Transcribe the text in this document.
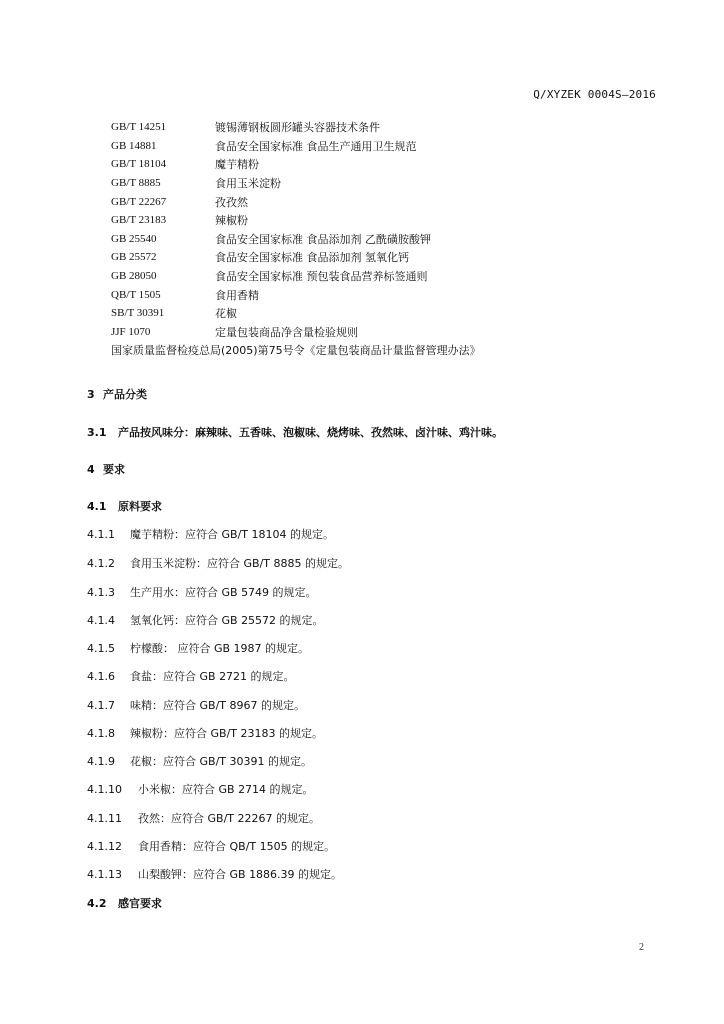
Q/XYZEK 0004S—2016
GB/T 14251	镀锡薄钢板圆形罐头容器技术条件
GB 14881	食品安全国家标准 食品生产通用卫生规范
GB/T 18104	魔芋精粉
GB/T 8885	食用玉米淀粉
GB/T 22267	孜孜然
GB/T 23183	辣椒粉
GB 25540	食品安全国家标准 食品添加剂 乙酰磺胺酸钾
GB 25572	食品安全国家标准 食品添加剂 氢氧化钙
GB 28050	食品安全国家标准 预包装食品营养标签通则
QB/T 1505	食用香精
SB/T 30391	花椒
JJF 1070	定量包装商品净含量检验规则
国家质量监督检疫总局(2005)第75号令《定量包装商品计量监督管理办法》
3 产品分类
3.1	产品按风味分：麻辣味、五香味、泡椒味、烧烤味、孜然味、卤汁味、鸡汁味。
4 要求
4.1	原料要求
4.1.1	魔芋精粉：应符合 GB/T 18104 的规定。
4.1.2	食用玉米淀粉：应符合 GB/T 8885 的规定。
4.1.3	生产用水：应符合 GB 5749 的规定。
4.1.4	氢氧化钙：应符合 GB 25572 的规定。
4.1.5	柠檬酸： 应符合 GB 1987 的规定。
4.1.6	食盐：应符合 GB 2721 的规定。
4.1.7	味精：应符合 GB/T 8967 的规定。
4.1.8	辣椒粉：应符合 GB/T 23183 的规定。
4.1.9	花椒：应符合 GB/T 30391 的规定。
4.1.10	小米椒：应符合 GB 2714 的规定。
4.1.11	孜然：应符合 GB/T 22267 的规定。
4.1.12	食用香精：应符合 QB/T 1505 的规定。
4.1.13	山梨酸钾：应符合 GB 1886.39 的规定。
4.2	感官要求
2
